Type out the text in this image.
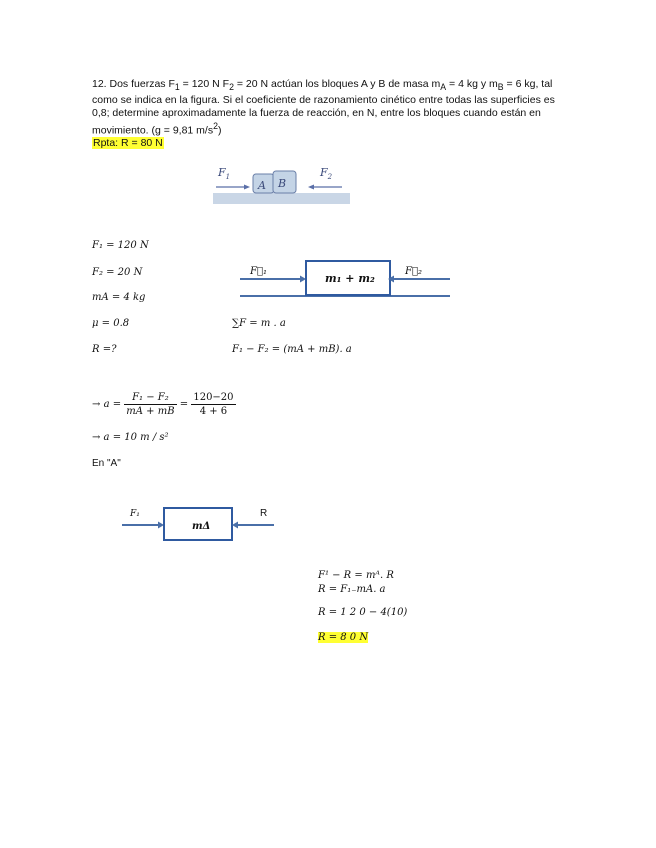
12. Dos fuerzas $F_1 = 120$ N $F_2 = 20$ N actúan los bloques A y B de masa $m_A = 4$ kg y $m_B = 6$ kg, tal como se indica en la figura. Si el coeficiente de razonamiento cinético entre todas las superficies es 0,8; determine aproximadamente la fuerza de reacción, en N, entre los bloques cuando están en movimiento. (g = 9,81 $m/s^2$)
Rpta: R = 80 N
$F_1$
A B
$F_2$
F₁ = 120 N
F₂ = 20 N
mA = 4 kg
μ = 0.8
R =?
F⃗₁
m₁ + m₂
F⃗₂
∑F = m . a
F₁ − F₂ = (mA + mB). a
→ $a = \frac{\text{F₁ − F₂}}{mA + mB} = \frac{120-20}{4 + 6}$
→ a = 10 m / s²
En "A"
F₁
mΔ
R
F¹ − R = mᴬ. R
R = F₁₋mA. a
R = 1 2 0 − 4(10)
R = 8 0 N
